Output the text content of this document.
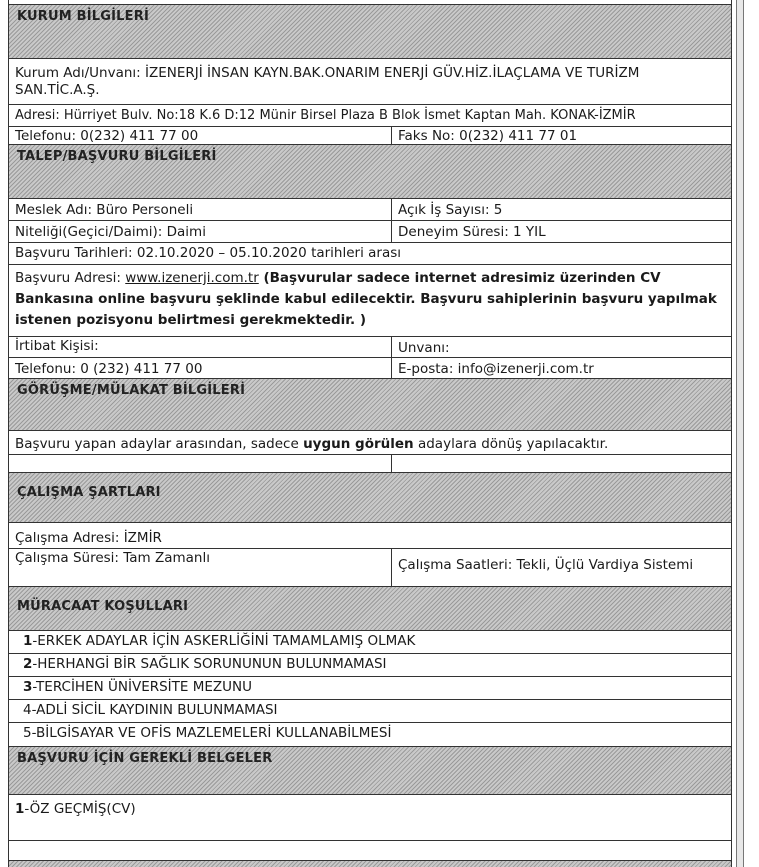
KURUM BİLGİLERİ
Kurum Adı/Unvanı: İZENERJİ İNSAN KAYN.BAK.ONARIM ENERJİ GÜV.HİZ.İLAÇLAMA VE TURİZM
SAN.TİC.A.Ş.
Adresi: Hürriyet Bulv. No:18 K.6 D:12 Münir Birsel Plaza B Blok İsmet Kaptan Mah. KONAK-İZMİR
Telefonu: 0(232) 411 77 00	Faks No: 0(232) 411 77 01
TALEP/BAŞVURU BİLGİLERİ
Meslek Adı: Büro Personeli	Açık İş Sayısı: 5
Niteliği(Geçici/Daimi): Daimi	Deneyim Süresi: 1 YIL
Başvuru Tarihleri: 02.10.2020 – 05.10.2020 tarihleri arası
Başvuru Adresi: www.izenerji.com.tr (Başvurular sadece internet adresimiz üzerinden CV
Bankasına online başvuru şeklinde kabul edilecektir. Başvuru sahiplerinin başvuru yapılmak
istenen pozisyonu belirtmesi gerekmektedir. )
İrtibat Kişisi:	Unvanı:
Telefonu: 0 (232) 411 77 00	E-posta: info@izenerji.com.tr
GÖRÜŞME/MÜLAKAT BİLGİLERİ
Başvuru yapan adaylar arasından, sadece uygun görülen adaylara dönüş yapılacaktır.
ÇALIŞMA ŞARTLARI
Çalışma Adresi: İZMİR
Çalışma Süresi: Tam Zamanlı	Çalışma Saatleri: Tekli, Üçlü Vardiya Sistemi
MÜRACAAT KOŞULLARI
1-ERKEK ADAYLAR İÇİN ASKERLİĞİNİ TAMAMLAMIŞ OLMAK
2-HERHANGİ BİR SAĞLIK SORUNUNUN BULUNMAMASI
3-TERCİHEN ÜNİVERSİTE MEZUNU
4-ADLİ SİCİL KAYDININ BULUNMAMASI
5-BİLGİSAYAR VE OFİS MAZLEMELERİ KULLANABİLMESİ
BAŞVURU İÇİN GEREKLİ BELGELER
1-ÖZ GEÇMİŞ(CV)
